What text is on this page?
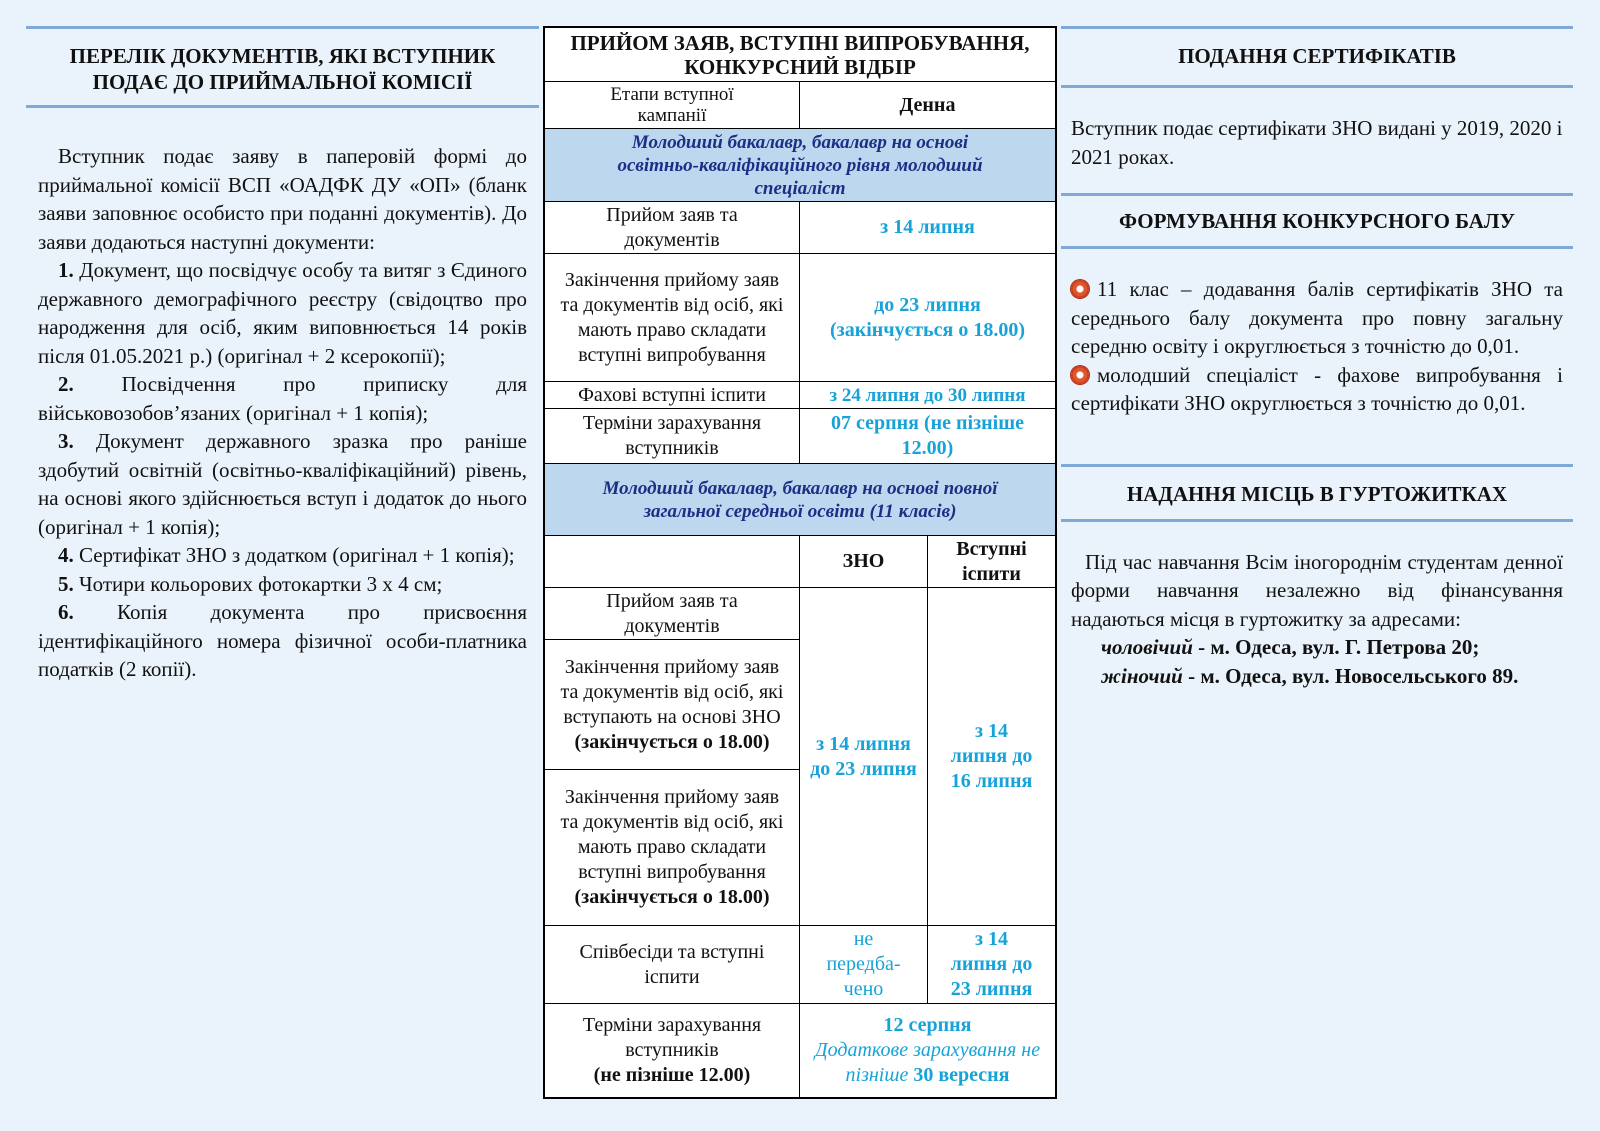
ПЕРЕЛІК ДОКУМЕНТІВ, ЯКІ ВСТУПНИК ПОДАЄ ДО ПРИЙМАЛЬНОЇ КОМІСІЇ
Вступник подає заяву в паперовій формі до приймальної комісії ВСП «ОАДФК ДУ «ОП» (бланк заяви заповнює особисто при поданні документів). До заяви додаються наступні документи:
1. Документ, що посвідчує особу та витяг з Єдиного державного демографічного реєстру (свідоцтво про народження для осіб, яким виповнюється 14 років після 01.05.2021 р.) (оригінал + 2 ксерокопії);
2. Посвідчення про приписку для військовозобов’язаних (оригінал + 1 копія);
3. Документ державного зразка про раніше здобутий освітній (освітньо-кваліфікаційний) рівень, на основі якого здійснюється вступ і додаток до нього (оригінал + 1 копія);
4. Сертифікат ЗНО з додатком (оригінал + 1 копія);
5. Чотири кольорових фотокартки 3 х 4 см;
6. Копія документа про присвоєння ідентифікаційного номера фізичної особи-платника податків (2 копії).
ПРИЙОМ ЗАЯВ, ВСТУПНІ ВИПРОБУВАННЯ, КОНКУРСНИЙ ВІДБІР
Етапи вступної кампанії	Денна
Молодший бакалавр, бакалавр на основі освітньо-кваліфікаційного рівня молодший спеціаліст
Прийом заяв та документів
з 14 липня
Закінчення прийому заяв та документів від осіб, які мають право складати вступні випробування
до 23 липня (закінчується о 18.00)
Фахові вступні іспити	з 24 липня до 30 липня
Терміни зарахування вступників
07 серпня (не пізніше 12.00)
Молодший бакалавр, бакалавр на основі повної загальної середньої освіти (11 класів)
ЗНО
Вступні іспити
Прийом заяв та документів
Закінчення прийому заяв та документів від осіб, які вступають на основі ЗНО
(закінчується о 18.00)
Закінчення прийому заяв та документів від осіб, які мають право складати вступні випробування
(закінчується о 18.00)
з 14 липня до 23 липня
з 14 липня до 16 липня
Співбесіди та вступні іспити
не передба-чено
з 14 липня до 23 липня
Терміни зарахування вступників
(не пізніше 12.00)
12 серпня
Додаткове зарахування не пізніше 30 вересня
ПОДАННЯ СЕРТИФІКАТІВ
Вступник подає сертифікати ЗНО видані у 2019, 2020 і 2021 роках.
ФОРМУВАННЯ КОНКУРСНОГО БАЛУ
11 клас – додавання балів сертифікатів ЗНО та середнього балу документа про повну загальну середню освіту і округлюється з точністю до 0,01.
молодший спеціаліст - фахове випробування і сертифікати ЗНО округлюється з точністю до 0,01.
НАДАННЯ МІСЦЬ В ГУРТОЖИТКАХ
Під час навчання Всім іногороднім студентам денної форми навчання незалежно від фінансування надаються місця в гуртожитку за адресами:
чоловічий - м. Одеса, вул. Г. Петрова 20;
жіночий - м. Одеса, вул. Новосельського 89.
